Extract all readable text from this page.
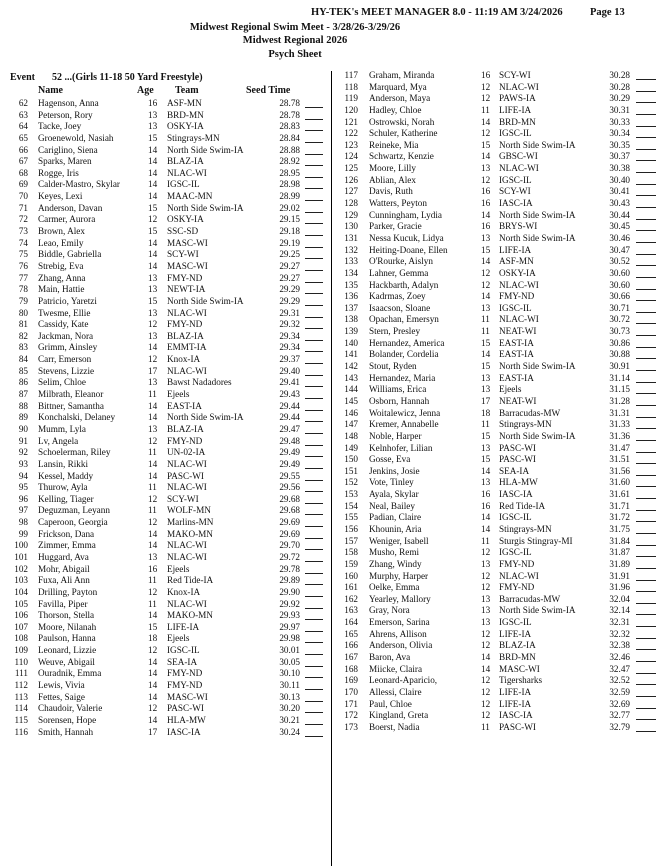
HY-TEK's MEET MANAGER 8.0 - 11:19 AM 3/24/2026	Page 13
Midwest Regional Swim Meet - 3/28/26-3/29/26
Midwest Regional 2026
Psych Sheet
Event 52 ...(Girls 11-18 50 Yard Freestyle)
Name	Age Team	Seed Time
62 Hagenson, Anna	16 ASF-MN	28.78
63 Peterson, Rory	13 BRD-MN	28.78
64 Tacke, Joey	13 OSKY-IA	28.83
65 Groenewold, Nasiah	15 Stingrays-MN	28.84
66 Cariglino, Siena	14 North Side Swim-IA	28.88
67 Sparks, Maren	14 BLAZ-IA	28.92
68 Rogge, Iris	14 NLAC-WI	28.95
69 Calder-Mastro, Skylar	14 IGSC-IL	28.98
70 Keyes, Lexi	14 MAAC-MN	28.99
71 Anderson, Davan	15 North Side Swim-IA	29.02
72 Carmer, Aurora	12 OSKY-IA	29.15
73 Brown, Alex	15 SSC-SD	29.18
74 Leao, Emily	14 MASC-WI	29.19
75 Biddle, Gabriella	14 SCY-WI	29.25
76 Strebig, Eva	14 MASC-WI	29.27
77 Zhang, Anna	13 FMY-ND	29.27
78 Main, Hattie	13 NEWT-IA	29.29
79 Patricio, Yaretzi	15 North Side Swim-IA	29.29
80 Twesme, Ellie	13 NLAC-WI	29.31
81 Cassidy, Kate	12 FMY-ND	29.32
82 Jackman, Nora	13 BLAZ-IA	29.34
83 Grimm, Ainsley	14 EMMT-IA	29.34
84 Carr, Emerson	12 Knox-IA	29.37
85 Stevens, Lizzie	17 NLAC-WI	29.40
86 Selim, Chloe	13 Bawst Nadadores	29.41
87 Milbrath, Eleanor	11 Ejeels	29.43
88 Bittner, Samantha	14 EAST-IA	29.44
89 Konchalski, Delaney	14 North Side Swim-IA	29.44
90 Mumm, Lyla	13 BLAZ-IA	29.47
91 Lv, Angela	12 FMY-ND	29.48
92 Schoelerman, Riley	11 UN-02-IA	29.49
93 Lansin, Rikki	14 NLAC-WI	29.49
94 Kessel, Maddy	14 PASC-WI	29.55
95 Thurow, Ayla	11 NLAC-WI	29.56
96 Kelling, Tiager	12 SCY-WI	29.68
97 Deguzman, Leyann	11 WOLF-MN	29.68
98 Caperoon, Georgia	12 Marlins-MN	29.69
99 Frickson, Dana	14 MAKO-MN	29.69
100 Zimmer, Emma	14 NLAC-WI	29.70
101 Huggard, Ava	13 NLAC-WI	29.72
102 Mohr, Abigail	16 Ejeels	29.78
103 Fuxa, Ali Ann	11 Red Tide-IA	29.89
104 Drilling, Payton	12 Knox-IA	29.90
105 Favilla, Piper	11 NLAC-WI	29.92
106 Thorson, Stella	14 MAKO-MN	29.93
107 Moore, Nilanah	15 LIFE-IA	29.97
108 Paulson, Hanna	18 Ejeels	29.98
109 Leonard, Lizzie	12 IGSC-IL	30.01
110 Weuve, Abigail	14 SEA-IA	30.05
111 Ouradnik, Emma	14 FMY-ND	30.10
112 Lewis, Vivia	14 FMY-ND	30.11
113 Fettes, Saige	14 MASC-WI	30.13
114 Chaudoir, Valerie	12 PASC-WI	30.20
115 Sorensen, Hope	14 HLA-MW	30.21
116 Smith, Hannah	17 IASC-IA	30.24
117 Graham, Miranda	16 SCY-WI	30.28
118 Marquard, Mya	12 NLAC-WI	30.28
119 Anderson, Maya	12 PAWS-IA	30.29
120 Hadley, Chloe	11 LIFE-IA	30.31
121 Ostrowski, Norah	14 BRD-MN	30.33
122 Schuler, Katherine	12 IGSC-IL	30.34
123 Reineke, Mia	15 North Side Swim-IA	30.35
124 Schwartz, Kenzie	14 GBSC-WI	30.37
125 Moore, Lilly	13 NLAC-WI	30.38
126 Ablian, Alex	12 IGSC-IL	30.40
127 Davis, Ruth	16 SCY-WI	30.41
128 Watters, Peyton	16 IASC-IA	30.43
129 Cunningham, Lydia	14 North Side Swim-IA	30.44
130 Parker, Gracie	16 BRYS-WI	30.45
131 Nessa Kucuk, Lidya	13 North Side Swim-IA	30.46
132 Heiting-Doane, Ellen	15 LIFE-IA	30.47
133 O'Rourke, Aislyn	14 ASF-MN	30.52
134 Lahner, Gemma	12 OSKY-IA	30.60
135 Hackbarth, Adalyn	12 NLAC-WI	30.60
136 Kadrmas, Zoey	14 FMY-ND	30.66
137 Isaacson, Sloane	13 IGSC-IL	30.71
138 Opachan, Emersyn	11 NLAC-WI	30.72
139 Stern, Presley	11 NEAT-WI	30.73
140 Hernandez, America	15 EAST-IA	30.86
141 Bolander, Cordelia	14 EAST-IA	30.88
142 Stout, Ryden	15 North Side Swim-IA	30.91
143 Hernandez, Maria	13 EAST-IA	31.14
144 Williams, Erica	13 Ejeels	31.15
145 Osborn, Hannah	17 NEAT-WI	31.28
146 Woitalewicz, Jenna	18 Barracudas-MW	31.31
147 Kremer, Annabelle	11 Stingrays-MN	31.33
148 Noble, Harper	15 North Side Swim-IA	31.36
149 Kelnhofer, Lilian	13 PASC-WI	31.47
150 Gosse, Eva	15 PASC-WI	31.51
151 Jenkins, Josie	14 SEA-IA	31.56
152 Vote, Tinley	13 HLA-MW	31.60
153 Ayala, Skylar	16 IASC-IA	31.61
154 Neal, Bailey	16 Red Tide-IA	31.71
155 Padian, Claire	14 IGSC-IL	31.72
156 Khounin, Aria	14 Stingrays-MN	31.75
157 Weniger, Isabell	11 Sturgis Stingray-MI	31.84
158 Musho, Remi	12 IGSC-IL	31.87
159 Zhang, Windy	13 FMY-ND	31.89
160 Murphy, Harper	12 NLAC-WI	31.91
161 Oelke, Emma	12 FMY-ND	31.96
162 Yearley, Mallory	13 Barracudas-MW	32.04
163 Gray, Nora	13 North Side Swim-IA	32.14
164 Emerson, Sarina	13 IGSC-IL	32.31
165 Ahrens, Allison	12 LIFE-IA	32.32
166 Anderson, Olivia	12 BLAZ-IA	32.38
167 Baron, Ava	14 BRD-MN	32.46
168 Miicke, Claira	14 MASC-WI	32.47
169 Leonard-Aparicio,	12 Tigersharks	32.52
170 Allessi, Claire	12 LIFE-IA	32.59
171 Paul, Chloe	12 LIFE-IA	32.69
172 Kingland, Greta	12 IASC-IA	32.77
173 Boerst, Nadia	11 PASC-WI	32.79
